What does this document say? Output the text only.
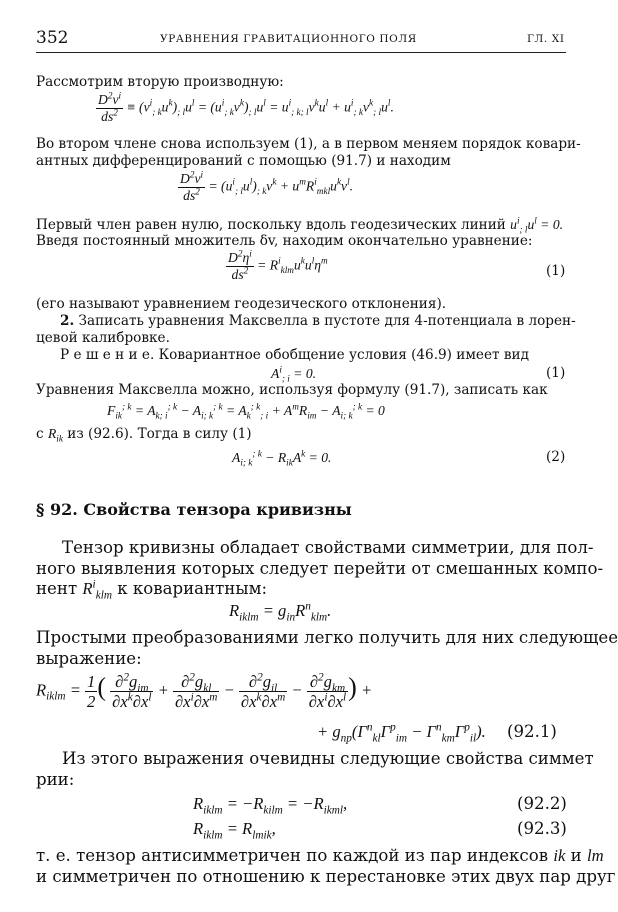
352	УРАВНЕНИЯ ГРАВИТАЦИОННОГО ПОЛЯ	ГЛ. XI
Рассмотрим вторую производную:
$\frac{D^2v^i}{ds^2} \equiv (v^i_{; k}u^k)_{; l}u^l = (u^i_{; k}v^k)_{; l}u^l = u^i_{; k; l}v^ku^l + u^i_{; k}v^k_{; l}u^l$.
Во втором члене снова используем (1), а в первом меняем порядок ковари-
антных дифференцирований с помощью (91.7) и находим
$\frac{D^2v^i}{ds^2} = (u^i_{; l}u^l)_{; k}v^k + u^mR^i_{mkl}u^kv^l$.
Первый член равен нулю, поскольку вдоль геодезических линий $u^i_{; l}u^l = 0$.
Введя постоянный множитель δv, находим окончательно уравнение:
$\frac{D^2\eta^i}{ds^2} = R^i_{klm}u^ku^l\eta^m$
(1)
(его называют уравнением геодезического отклонения).
2. Записать уравнения Максвелла в пустоте для 4-потенциала в лорен-
цевой калибровке.
Р е ш е н и е. Ковариантное обобщение условия (46.9) имеет вид
$A^i_{; i} = 0$.	(1)
Уравнения Максвелла можно, используя формулу (91.7), записать как
$F_{ik}^{; k} = A_{k; i}^{; k} - A_{i; k}^{; k} = A_k^{; k}_{; i} + A^mR_{im} - A_{i; k}^{; k} = 0$
с $R_{ik}$ из (92.6). Тогда в силу (1)
$A_{i; k}^{; k} - R_{ik}A^k = 0$.	(2)
§ 92. Свойства тензора кривизны
Тензор кривизны обладает свойствами симметрии, для пол-
ного выявления которых следует перейти от смешанных компо-
нент $R^i_{klm}$ к ковариантным:
$R_{iklm} = g_{in}R^n_{klm}$.
Простыми преобразованиями легко получить для них следующее
выражение:
$R_{iklm} = \frac{1}{2}$ ( $\frac{\partial^2g_{im}}{\partial x^k\partial x^l} + \frac{\partial^2g_{kl}}{\partial x^i\partial x^m} - \frac{\partial^2g_{il}}{\partial x^k\partial x^m} - \frac{\partial^2g_{km}}{\partial x^i\partial x^l}$ ) +
+ $g_{np}(\Gamma^n_{kl}\Gamma^p_{im} - \Gamma^n_{km}\Gamma^p_{il})$. (92.1)
Из этого выражения очевидны следующие свойства симмет
рии:
$R_{iklm} = -R_{kilm} = -R_{ikml}$,	(92.2)
$R_{iklm} = R_{lmik}$,	(92.3)
т. е. тензор антисимметричен по каждой из пар индексов ik и lm
и симметричен по отношению к перестановке этих двух пар друг
